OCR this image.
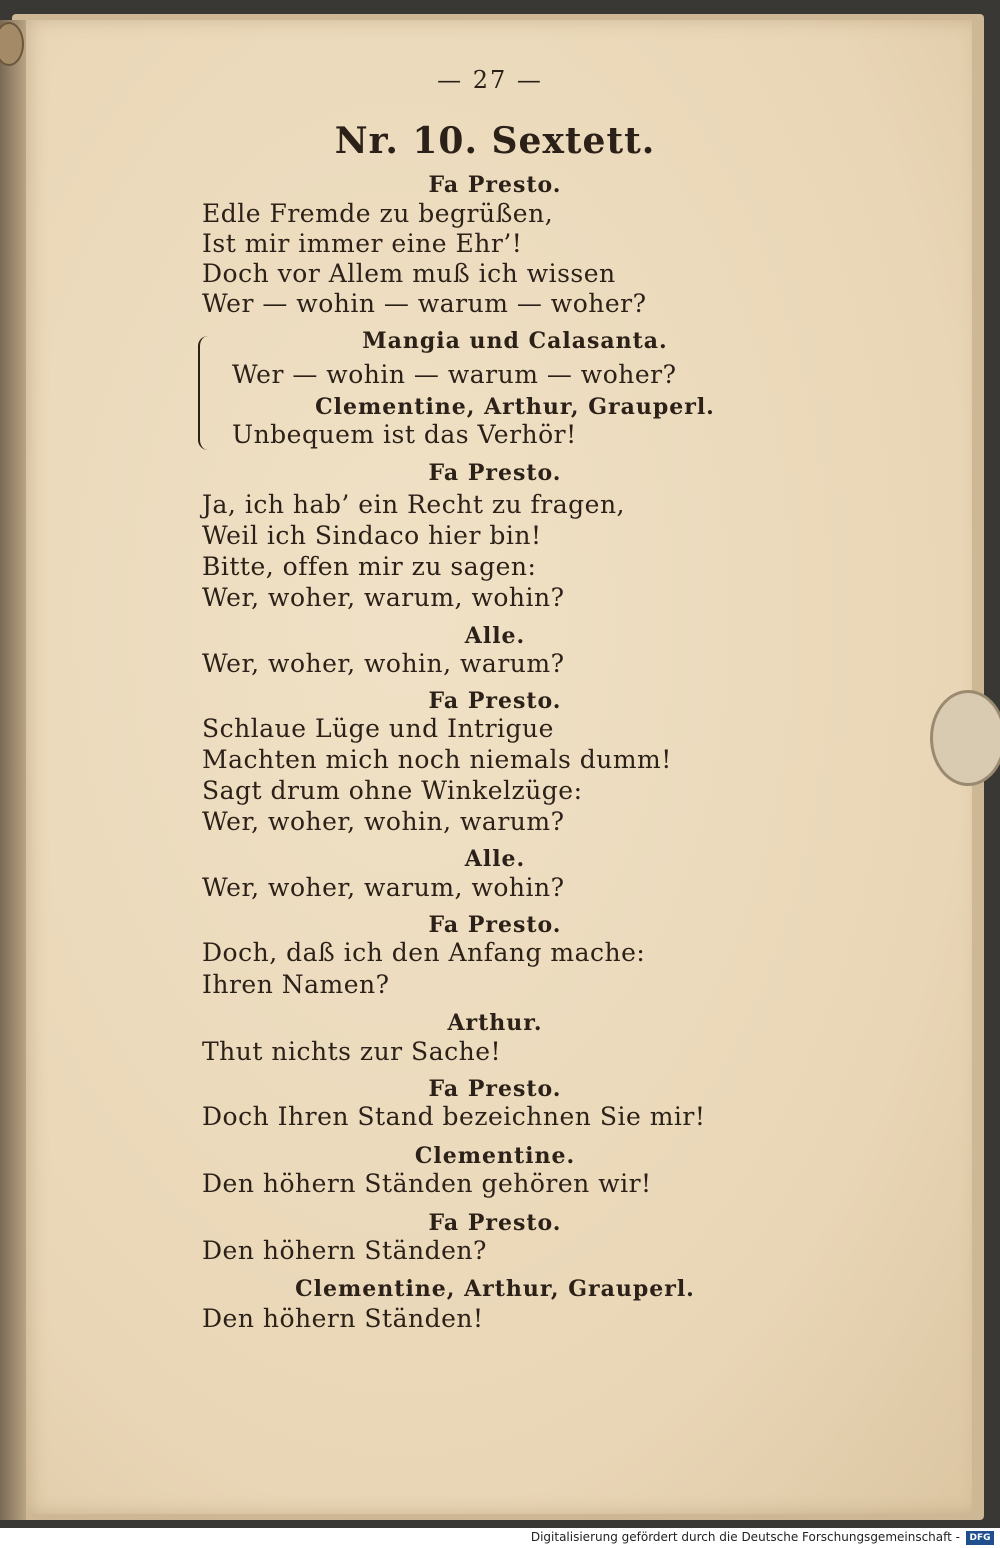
— 27 —
Nr. 10. Sextett.
Fa Presto.
Edle Fremde zu begrüßen,
Ist mir immer eine Ehr’!
Doch vor Allem muß ich wissen
Wer — wohin — warum — woher?
Mangia und Calasanta.
Wer — wohin — warum — woher?
Clementine, Arthur, Grauperl.
Unbequem ist das Verhör!
Fa Presto.
Ja, ich hab’ ein Recht zu fragen,
Weil ich Sindaco hier bin!
Bitte, offen mir zu sagen:
Wer, woher, warum, wohin?
Alle.
Wer, woher, wohin, warum?
Fa Presto.
Schlaue Lüge und Intrigue
Machten mich noch niemals dumm!
Sagt drum ohne Winkelzüge:
Wer, woher, wohin, warum?
Alle.
Wer, woher, warum, wohin?
Fa Presto.
Doch, daß ich den Anfang mache:
Ihren Namen?
Arthur.
Thut nichts zur Sache!
Fa Presto.
Doch Ihren Stand bezeichnen Sie mir!
Clementine.
Den höhern Ständen gehören wir!
Fa Presto.
Den höhern Ständen?
Clementine, Arthur, Grauperl.
Den höhern Ständen!
Digitalisierung gefördert durch die Deutsche Forschungsgemeinschaft -	DFG
